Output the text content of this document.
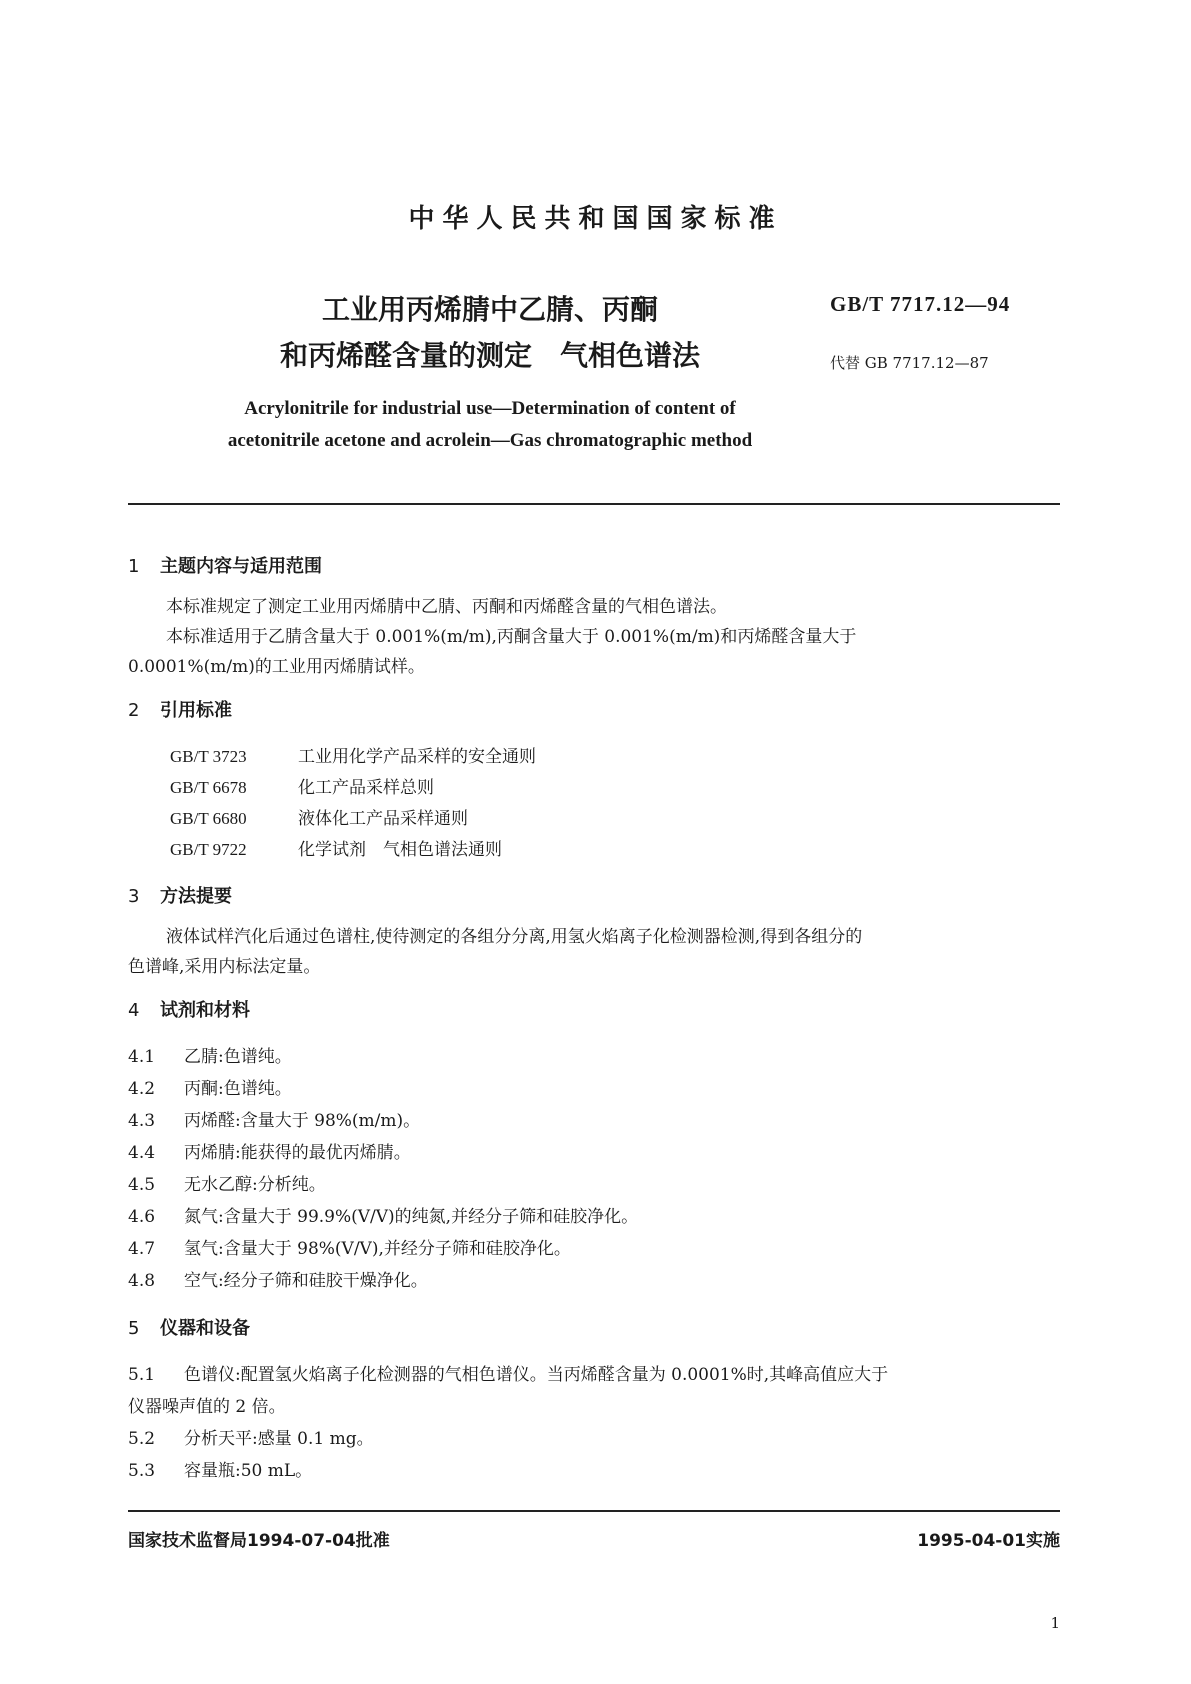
中华人民共和国国家标准
工业用丙烯腈中乙腈、丙酮
和丙烯醛含量的测定　气相色谱法
GB/T 7717.12—94
代替 GB 7717.12—87
Acrylonitrile for industrial use—Determination of content of
acetonitrile acetone and acrolein—Gas chromatographic method
1 主题内容与适用范围
本标准规定了测定工业用丙烯腈中乙腈、丙酮和丙烯醛含量的气相色谱法。
本标准适用于乙腈含量大于 0.001%(m/m),丙酮含量大于 0.001%(m/m)和丙烯醛含量大于
0.0001%(m/m)的工业用丙烯腈试样。
2 引用标准
GB/T 3723	工业用化学产品采样的安全通则
GB/T 6678	化工产品采样总则
GB/T 6680	液体化工产品采样通则
GB/T 9722	化学试剂　气相色谱法通则
3 方法提要
液体试样汽化后通过色谱柱,使待测定的各组分分离,用氢火焰离子化检测器检测,得到各组分的
色谱峰,采用内标法定量。
4 试剂和材料
4.1 乙腈:色谱纯。
4.2 丙酮:色谱纯。
4.3 丙烯醛:含量大于 98%(m/m)。
4.4 丙烯腈:能获得的最优丙烯腈。
4.5 无水乙醇:分析纯。
4.6 氮气:含量大于 99.9%(V/V)的纯氮,并经分子筛和硅胶净化。
4.7 氢气:含量大于 98%(V/V),并经分子筛和硅胶净化。
4.8 空气:经分子筛和硅胶干燥净化。
5 仪器和设备
5.1 色谱仪:配置氢火焰离子化检测器的气相色谱仪。当丙烯醛含量为 0.0001%时,其峰高值应大于
仪器噪声值的 2 倍。
5.2 分析天平:感量 0.1 mg。
5.3 容量瓶:50 mL。
国家技术监督局1994-07-04批准	1995-04-01实施
1
